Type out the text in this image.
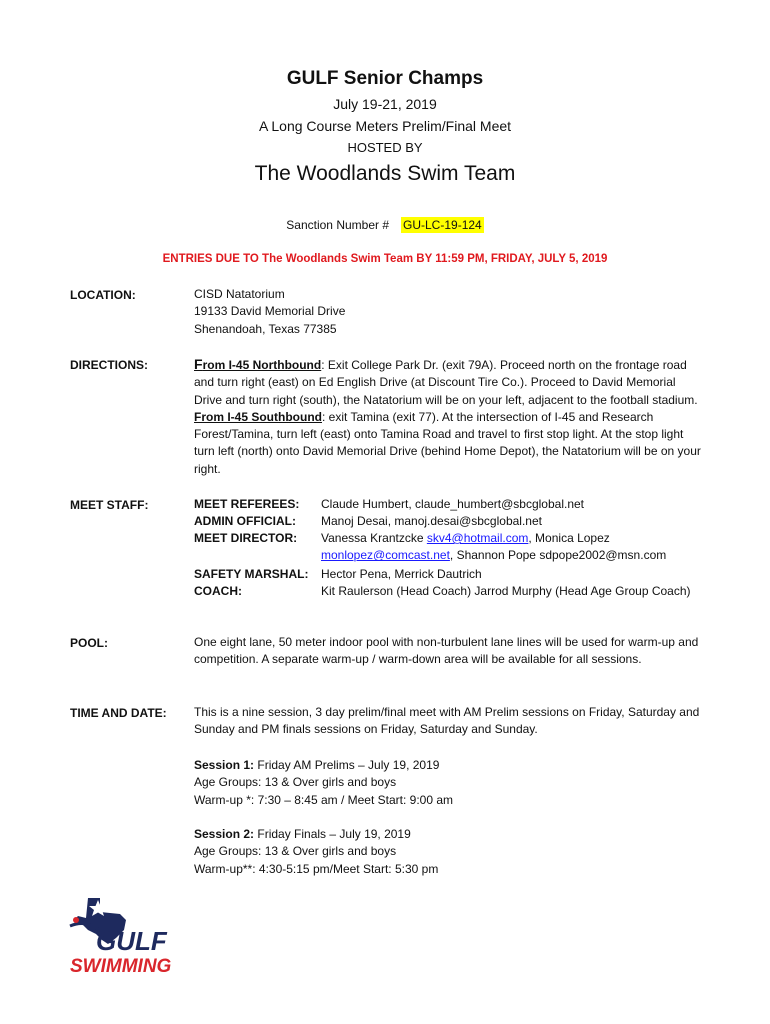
GULF Senior Champs
July 19-21, 2019
A Long Course Meters Prelim/Final Meet
HOSTED BY
The Woodlands Swim Team
Sanction Number # GU-LC-19-124
ENTRIES DUE TO The Woodlands Swim Team BY 11:59 PM, FRIDAY, JULY 5, 2019
LOCATION:	CISD Natatorium
19133 David Memorial Drive
Shenandoah, Texas 77385
DIRECTIONS:	From I-45 Northbound: Exit College Park Dr. (exit 79A). Proceed north on the frontage road and turn right (east) on Ed English Drive (at Discount Tire Co.). Proceed to David Memorial Drive and turn right (south), the Natatorium will be on your left, adjacent to the football stadium. From I-45 Southbound: exit Tamina (exit 77). At the intersection of I-45 and Research Forest/Tamina, turn left (east) onto Tamina Road and travel to first stop light. At the stop light turn left (north) onto David Memorial Drive (behind Home Depot), the Natatorium will be on your right.
MEET STAFF:	MEET REFEREES: Claude Humbert, claude_humbert@sbcglobal.net
ADMIN OFFICIAL: Manoj Desai, manoj.desai@sbcglobal.net
MEET DIRECTOR: Vanessa Krantzcke skv4@hotmail.com, Monica Lopez monlopez@comcast.net, Shannon Pope sdpope2002@msn.com
SAFETY MARSHAL: Hector Pena, Merrick Dautrich
COACH:	Kit Raulerson (Head Coach) Jarrod Murphy (Head Age Group Coach)
POOL:	One eight lane, 50 meter indoor pool with non-turbulent lane lines will be used for warm-up and competition. A separate warm-up / warm-down area will be available for all sessions.
TIME AND DATE: This is a nine session, 3 day prelim/final meet with AM Prelim sessions on Friday, Saturday and Sunday and PM finals sessions on Friday, Saturday and Sunday.
Session 1: Friday AM Prelims – July 19, 2019
Age Groups: 13 & Over girls and boys
Warm-up *: 7:30 – 8:45 am / Meet Start: 9:00 am
Session 2: Friday Finals – July 19, 2019
Age Groups: 13 & Over girls and boys
Warm-up**: 4:30-5:15 pm/Meet Start: 5:30 pm
GULF
SWIMMING
